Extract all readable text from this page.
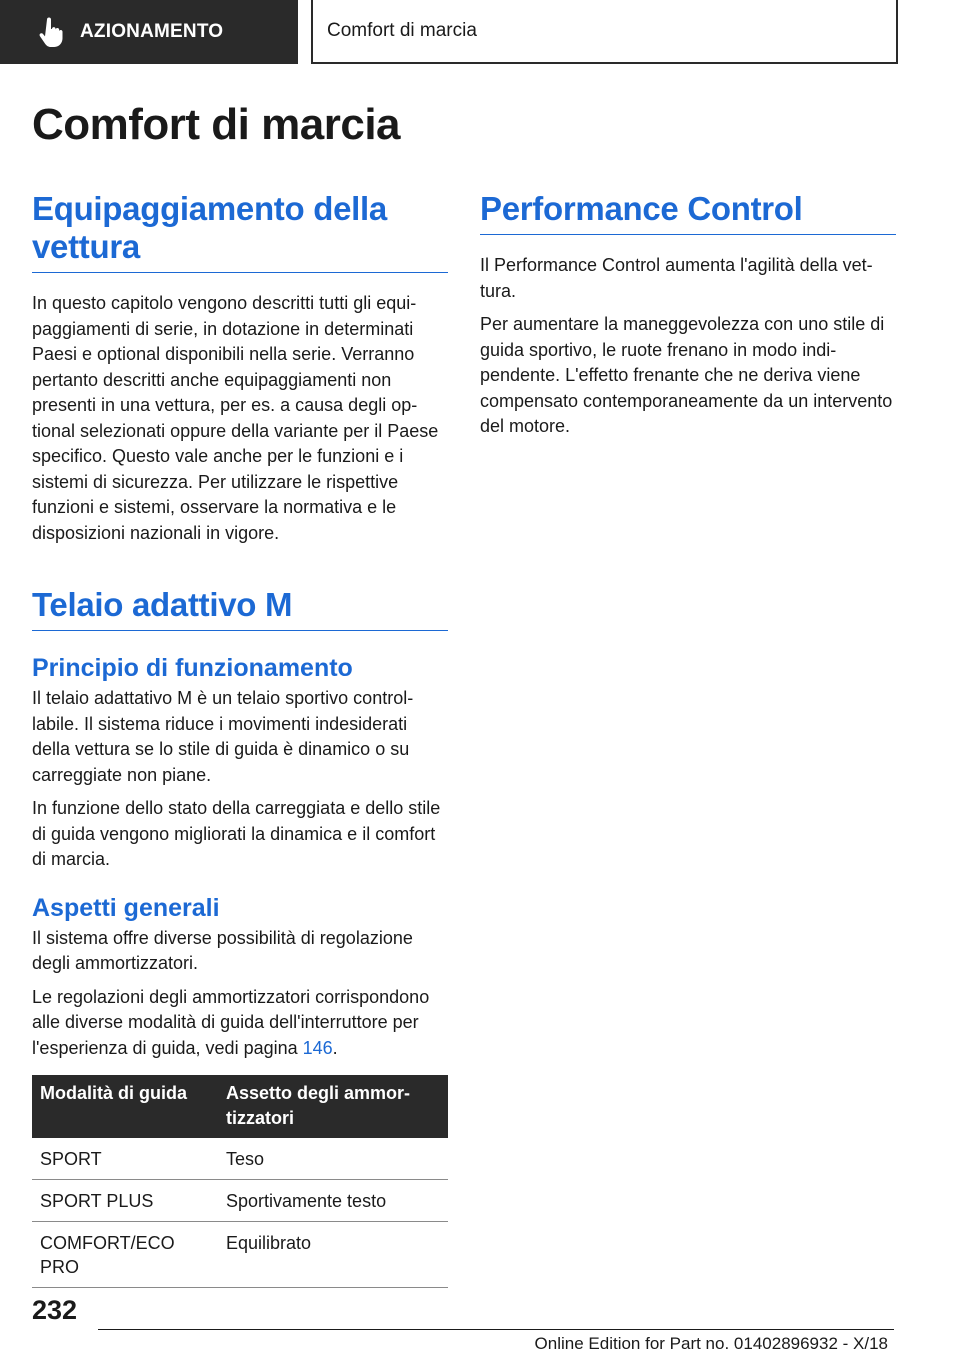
AZIONAMENTO	Comfort di marcia
Comfort di marcia
Equipaggiamento della vettura

In questo capitolo vengono descritti tutti gli equipaggiamenti di serie, in dotazione in determinati Paesi e optional disponibili nella serie. Verranno pertanto descritti anche equipaggiamenti non presenti in una vettura, per es. a causa degli optional selezionati oppure della variante per il Paese specifico. Questo vale anche per le funzioni e i sistemi di sicurezza. Per utilizzare le rispettive funzioni e sistemi, osservare la normativa e le disposizioni nazionali in vigore.

Telaio adattivo M
Principio di funzionamento

Il telaio adattativo M è un telaio sportivo controllabile. Il sistema riduce i movimenti indesiderati della vettura se lo stile di guida è dinamico o su carreggiate non piane.

In funzione dello stato della carreggiata e dello stile di guida vengono migliorati la dinamica e il comfort di marcia.

Aspetti generali

Il sistema offre diverse possibilità di regolazione degli ammortizzatori.

Le regolazioni degli ammortizzatori corrispondono alle diverse modalità di guida dell'interruttore per l'esperienza di guida, vedi pagina 146.

Modalità di guida	Assetto degli ammortizzatori
SPORT	Teso
SPORT PLUS	Sportivamente testo
COMFORT/ECO PRO	Equilibrato
Performance Control

Il Performance Control aumenta l'agilità della vettura.

Per aumentare la maneggevolezza con uno stile di guida sportivo, le ruote frenano in modo indipendente. L'effetto frenante che ne deriva viene compensato contemporaneamente da un intervento del motore.

232

Online Edition for Part no. 01402896932 - X/18
